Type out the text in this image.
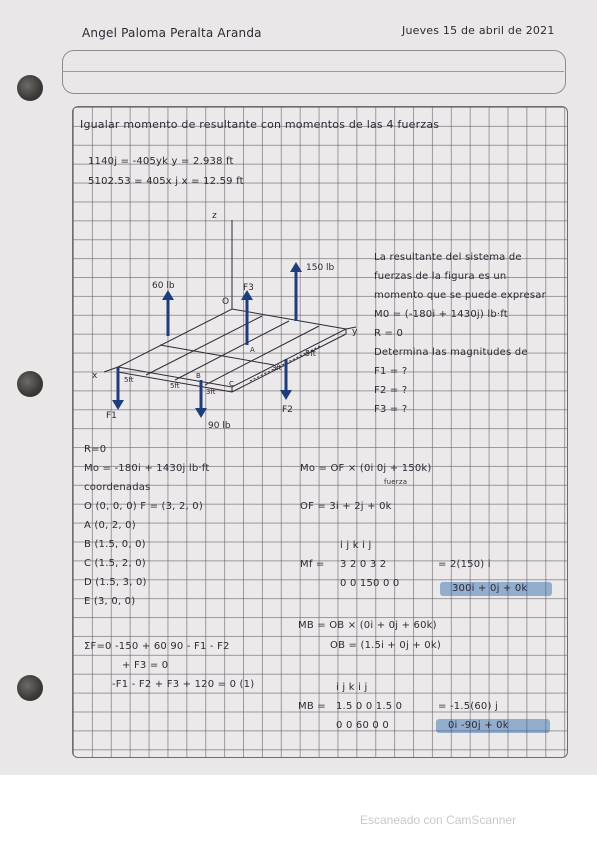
Angel Paloma Peralta Aranda	Jueves 15 de abril de 2021
Igualar momento de resultante con momentos de las 4 fuerzas
1140j = -405yk y = 2.938 ft
5102.53 = 405x j x = 12.59 ft
z
y
x
O
60 lb	F3
150 lb
F1
90 lb
F2
5ft
5ft
3ft
3ft
5ft
A
B
C
La resultante del sistema de
fuerzas de la figura es un
momento que se puede expresar
M0 = (-180i + 1430j) lb·ft
R = 0
Determina las magnitudes de
F1 = ?
F2 = ?
F3 = ?
R=0
Mo = -180i + 1430j lb·ft
coordenadas
O (0, 0, 0) F = (3, 2, 0)
A (0, 2, 0)
B (1.5, 0, 0)
C (1.5, 2, 0)
D (1.5, 3, 0)
E (3, 0, 0)
ΣF=0 -150 + 60 90 - F1 - F2
+ F3 = 0
-F1 - F2 + F3 + 120 = 0 (1)
Mo = OF × (0i 0j + 150k)
fuerza
OF = 3i + 2j + 0k
Mf =
i j k i j
3 2 0 3 2
0 0 150 0 0
= 2(150) i
300i + 0j + 0k
MB = OB × (0i + 0j + 60k)
OB = (1.5i + 0j + 0k)
MB =
i j k i j
1.5 0 0 1.5 0
0 0 60 0 0
= -1.5(60) j
0i -90j + 0k
Escaneado con CamScanner
